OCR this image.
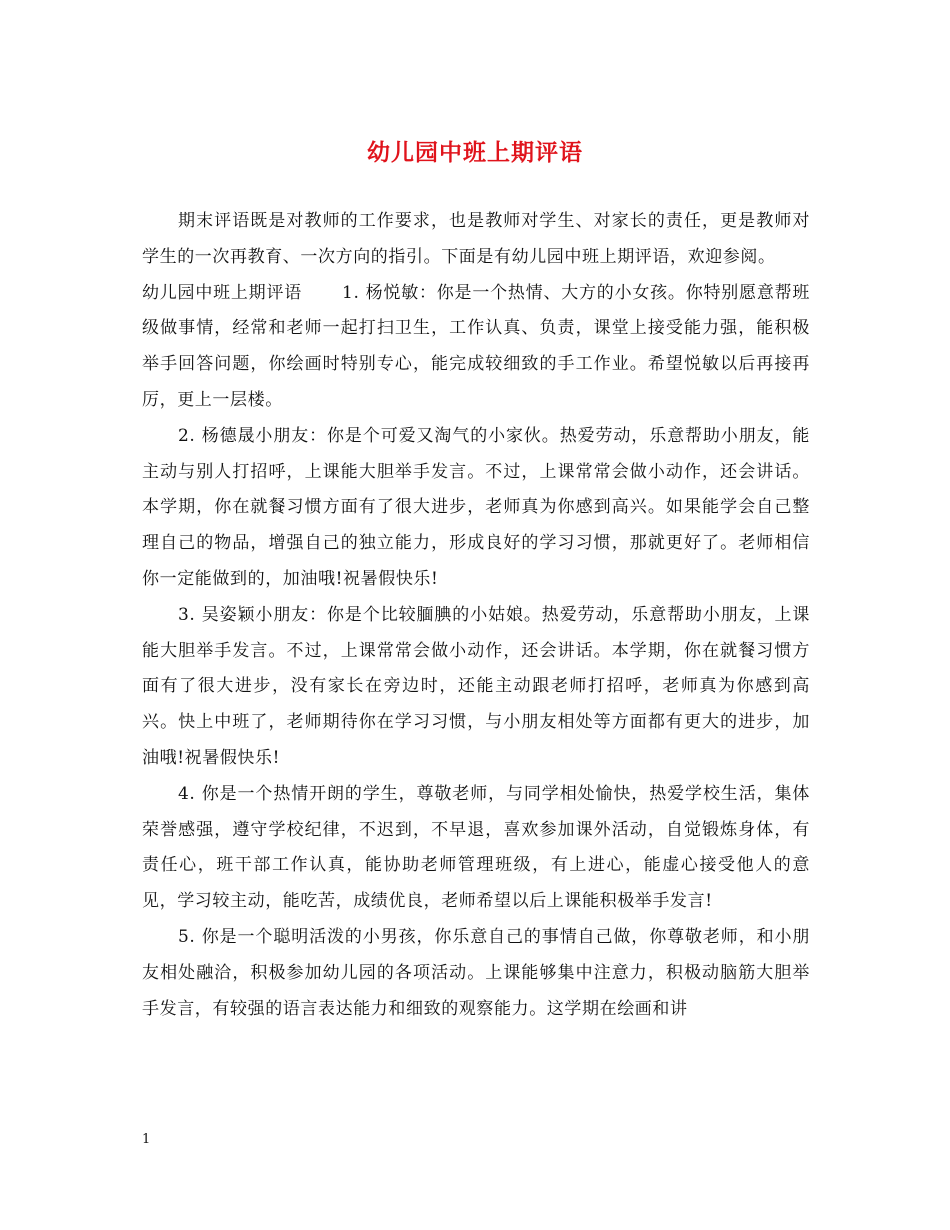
幼儿园中班上期评语

期末评语既是对教师的工作要求，也是教师对学生、对家长的责任，更是教师对学生的一次再教育、一次方向的指引。下面是有幼儿园中班上期评语，欢迎参阅。

幼儿园中班上期评语 1. 杨悦敏：你是一个热情、大方的小女孩。你特别愿意帮班级做事情，经常和老师一起打扫卫生，工作认真、负责，课堂上接受能力强，能积极举手回答问题，你绘画时特别专心，能完成较细致的手工作业。希望悦敏以后再接再厉，更上一层楼。

2. 杨德晟小朋友：你是个可爱又淘气的小家伙。热爱劳动，乐意帮助小朋友，能主动与别人打招呼，上课能大胆举手发言。不过，上课常常会做小动作，还会讲话。本学期，你在就餐习惯方面有了很大进步，老师真为你感到高兴。如果能学会自己整理自己的物品，增强自己的独立能力，形成良好的学习习惯，那就更好了。老师相信你一定能做到的，加油哦!祝暑假快乐!

3. 吴姿颖小朋友：你是个比较腼腆的小姑娘。热爱劳动，乐意帮助小朋友，上课能大胆举手发言。不过，上课常常会做小动作，还会讲话。本学期，你在就餐习惯方面有了很大进步，没有家长在旁边时，还能主动跟老师打招呼，老师真为你感到高兴。快上中班了，老师期待你在学习习惯，与小朋友相处等方面都有更大的进步，加油哦!祝暑假快乐!

4. 你是一个热情开朗的学生，尊敬老师，与同学相处愉快，热爱学校生活，集体荣誉感强，遵守学校纪律，不迟到，不早退，喜欢参加课外活动，自觉锻炼身体，有责任心，班干部工作认真，能协助老师管理班级，有上进心，能虚心接受他人的意见，学习较主动，能吃苦，成绩优良，老师希望以后上课能积极举手发言!

5. 你是一个聪明活泼的小男孩，你乐意自己的事情自己做，你尊敬老师，和小朋友相处融洽，积极参加幼儿园的各项活动。上课能够集中注意力，积极动脑筋大胆举手发言，有较强的语言表达能力和细致的观察能力。这学期在绘画和讲

1
